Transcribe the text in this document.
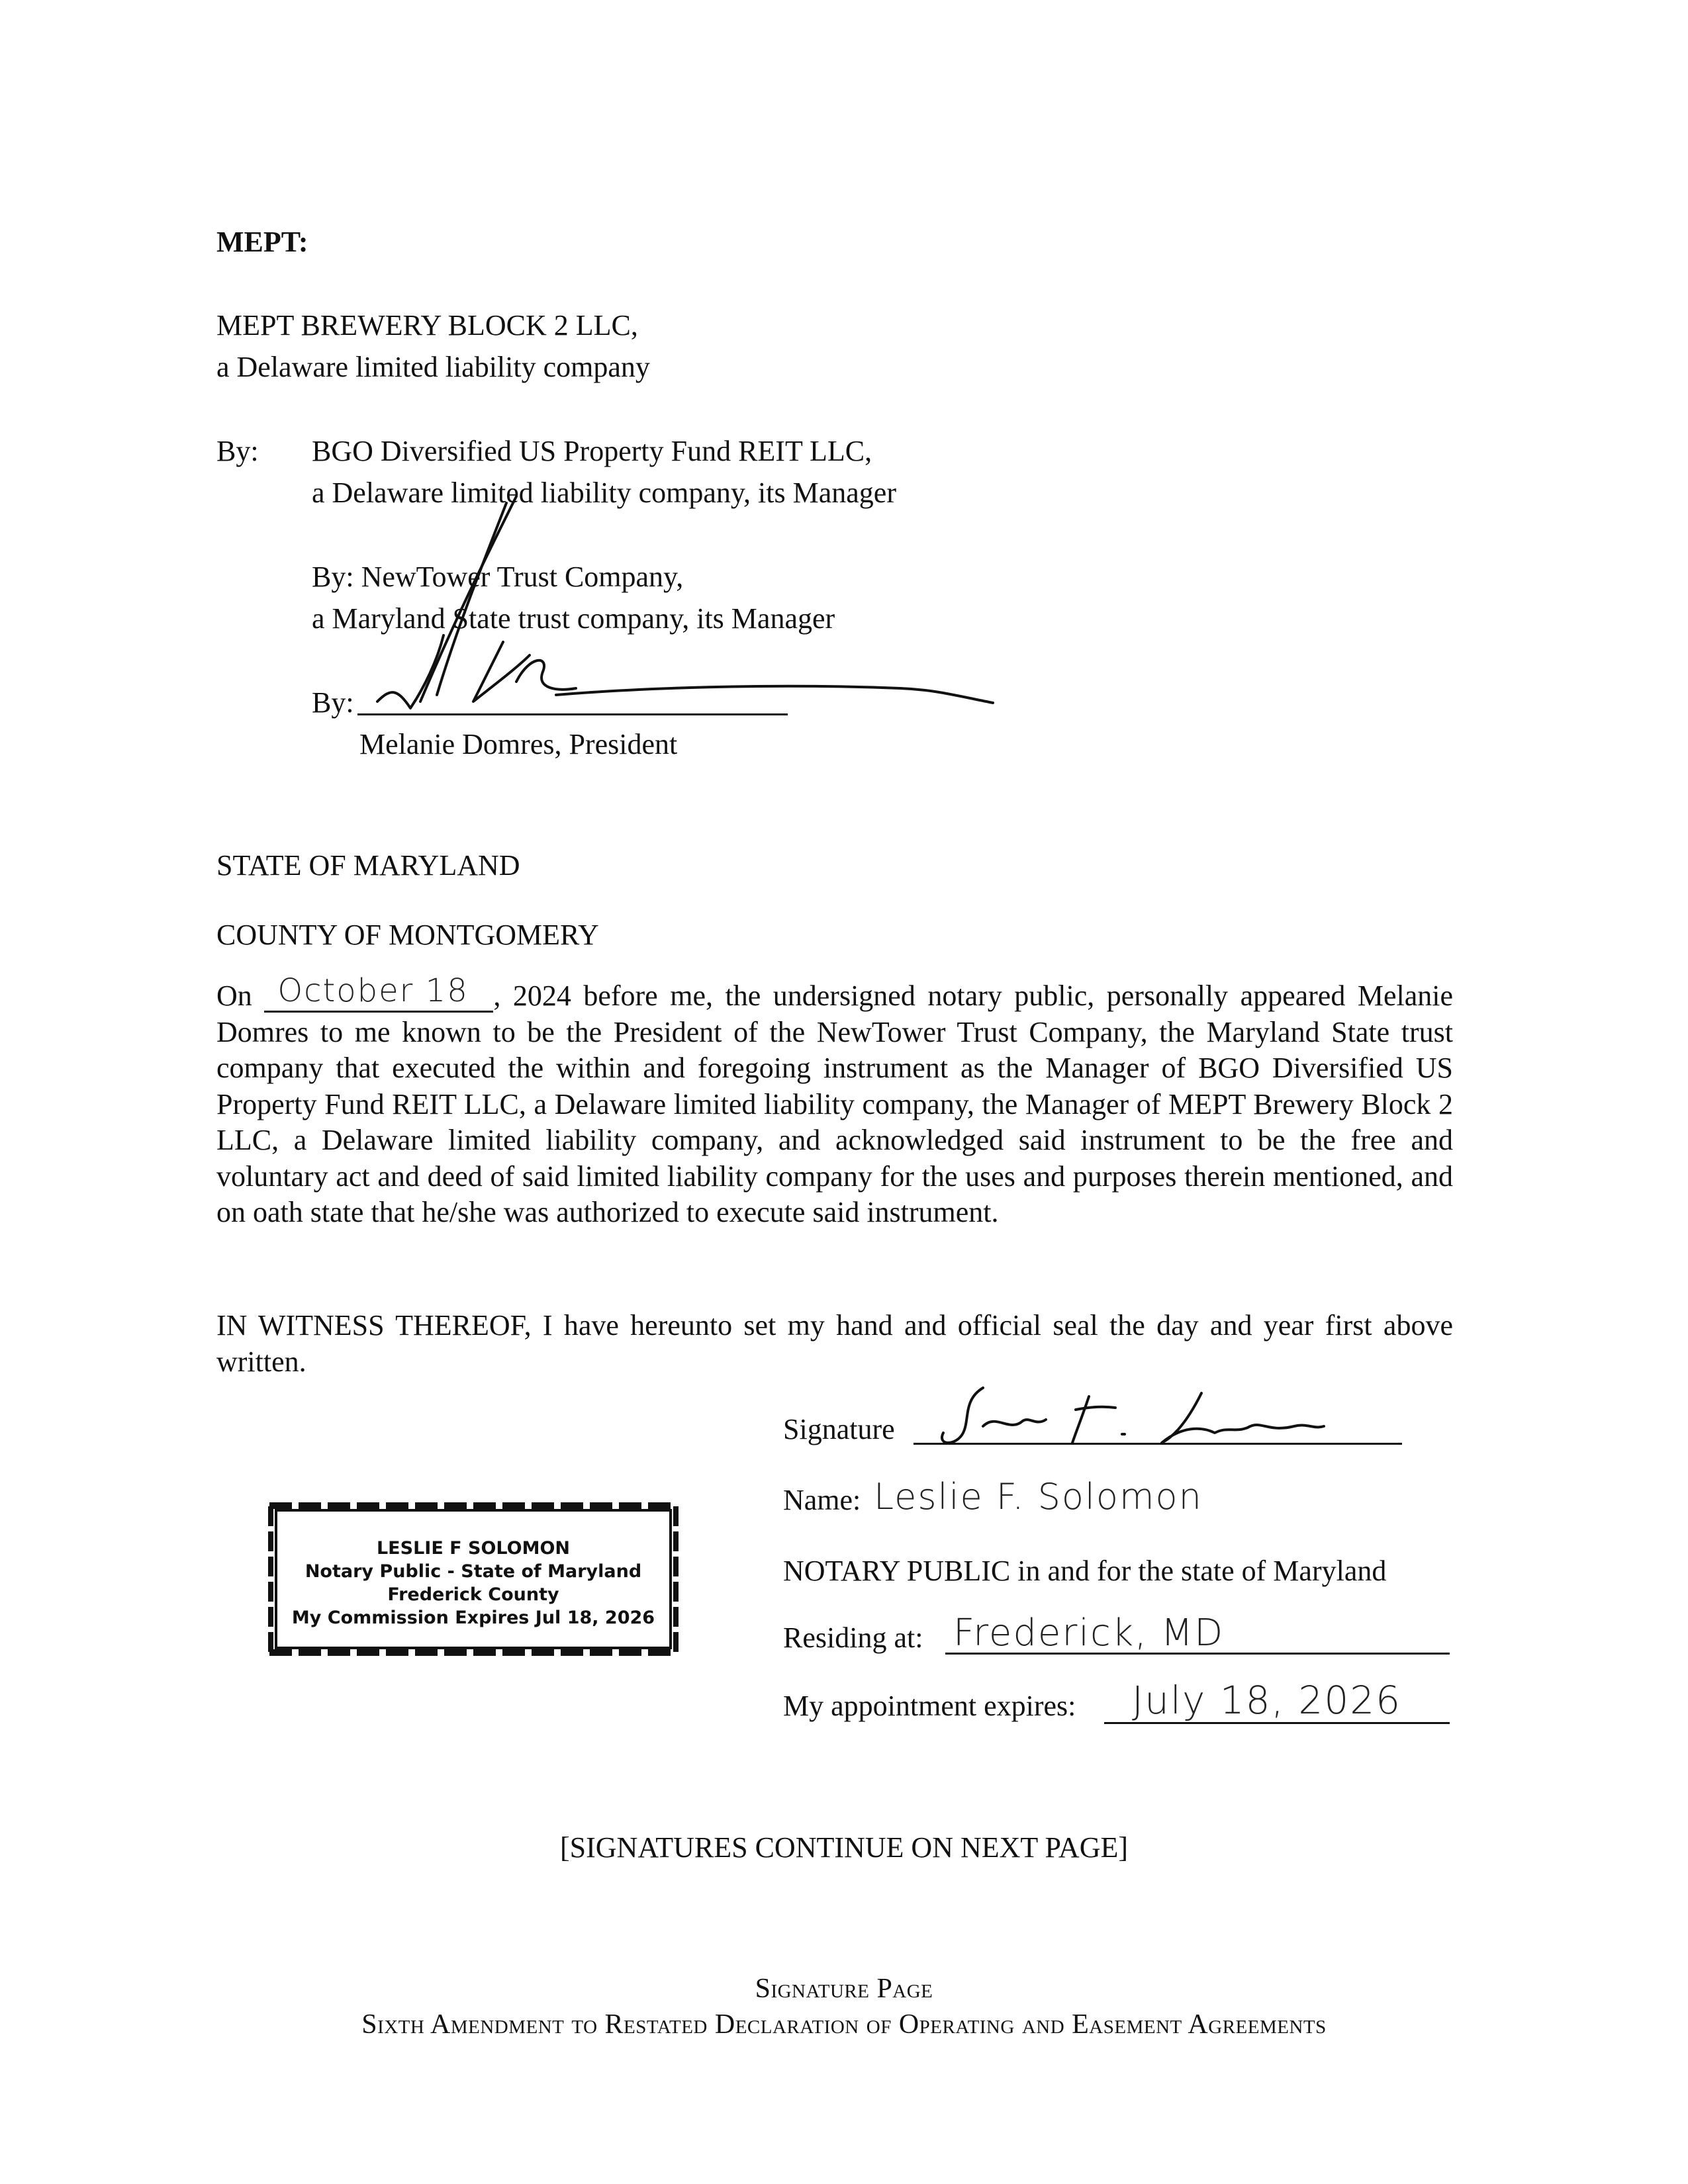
MEPT:
MEPT BREWERY BLOCK 2 LLC,
a Delaware limited liability company
By: BGO Diversified US Property Fund REIT LLC,
a Delaware limited liability company, its Manager
By: NewTower Trust Company,
a Maryland State trust company, its Manager
By:
Melanie Domres, President
STATE OF MARYLAND
COUNTY OF MONTGOMERY
On October 18 , 2024 before me, the undersigned notary public, personally appeared Melanie Domres to me known to be the President of the NewTower Trust Company, the Maryland State trust company that executed the within and foregoing instrument as the Manager of BGO Diversified US Property Fund REIT LLC, a Delaware limited liability company, the Manager of MEPT Brewery Block 2 LLC, a Delaware limited liability company, and acknowledged said instrument to be the free and voluntary act and deed of said limited liability company for the uses and purposes therein mentioned, and on oath state that he/she was authorized to execute said instrument.
IN WITNESS THEREOF, I have hereunto set my hand and official seal the day and year first above written.
Signature
Name: Leslie F. Solomon
NOTARY PUBLIC in and for the state of Maryland
Residing at: Frederick, MD
My appointment expires: July 18, 2026
LESLIE F SOLOMON
Notary Public - State of Maryland
Frederick County
My Commission Expires Jul 18, 2026
[SIGNATURES CONTINUE ON NEXT PAGE]
Signature Page
Sixth Amendment to Restated Declaration of Operating and Easement Agreements
